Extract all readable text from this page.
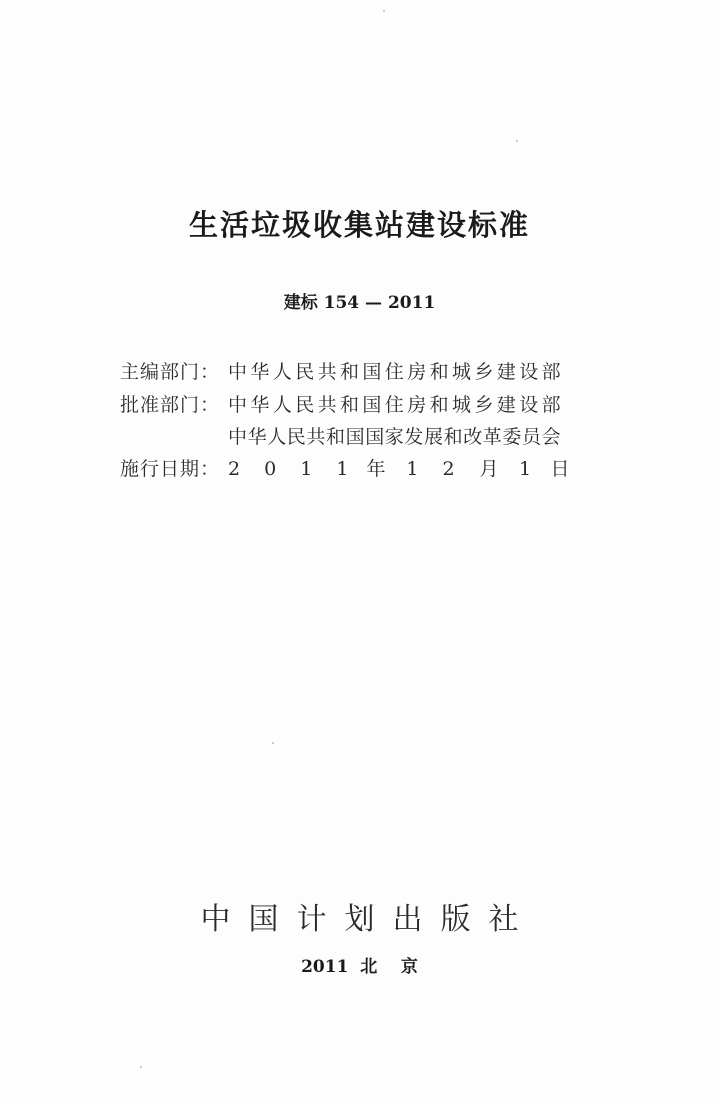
生活垃圾收集站建设标准
建标 154 — 2011
主编部门： 中华人民共和国住房和城乡建设部
批准部门： 中华人民共和国住房和城乡建设部
中华人民共和国国家发展和改革委员会
施行日期： 2 0 1 1 年 1 2 月 1 日
中国计划出版社
2011  北    京
